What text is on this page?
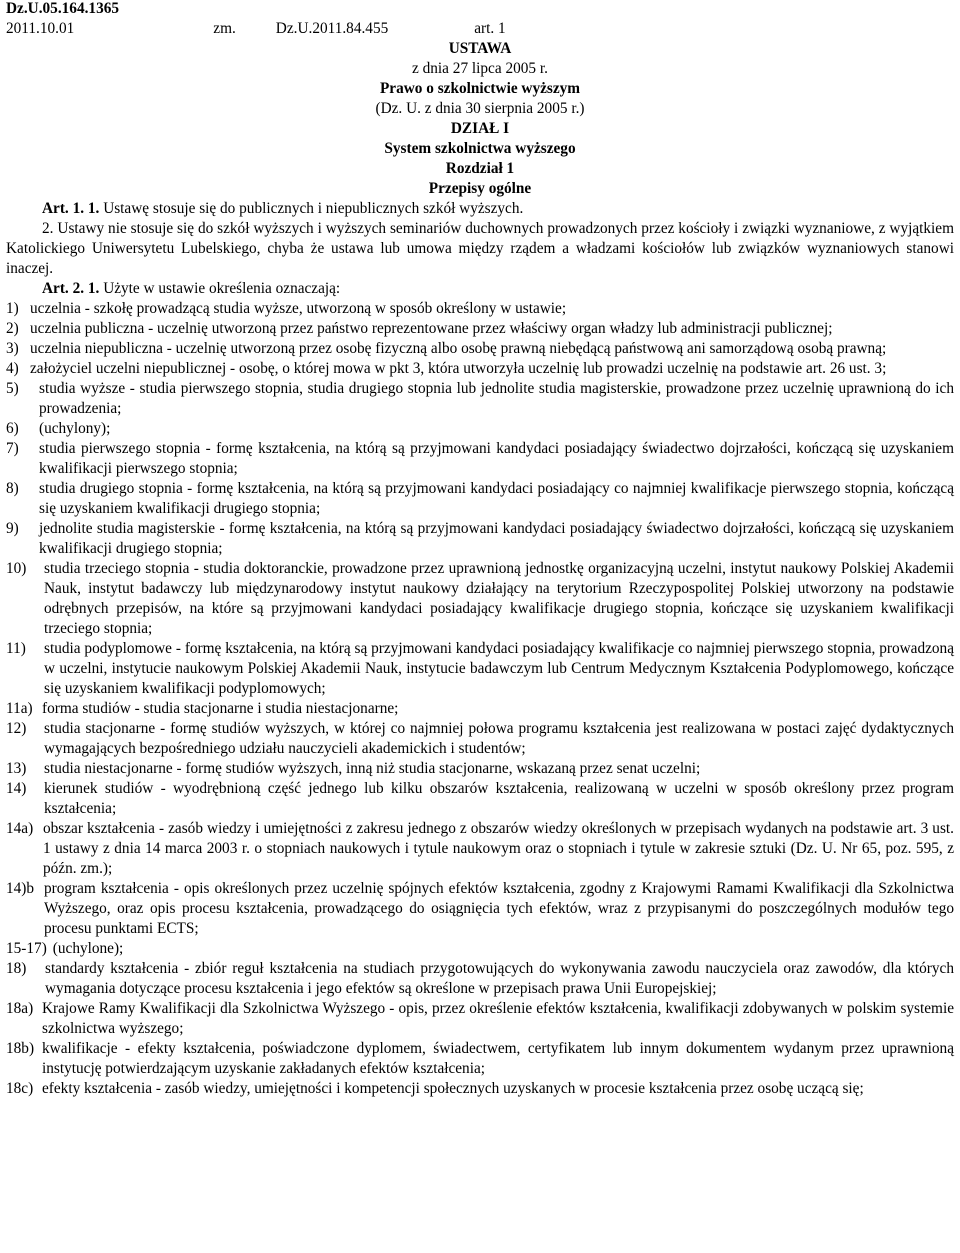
Dz.U.05.164.1365
2011.10.01	zm.	Dz.U.2011.84.455	art. 1
USTAWA
z dnia 27 lipca 2005 r.
Prawo o szkolnictwie wyższym
(Dz. U. z dnia 30 sierpnia 2005 r.)
DZIAŁ I
System szkolnictwa wyższego
Rozdział 1
Przepisy ogólne
Art. 1. 1. Ustawę stosuje się do publicznych i niepublicznych szkół wyższych.
2. Ustawy nie stosuje się do szkół wyższych i wyższych seminariów duchownych prowadzonych przez kościoły i związki wyznaniowe, z wyjątkiem Katolickiego Uniwersytetu Lubelskiego, chyba że ustawa lub umowa między rządem a władzami kościołów lub związków wyznaniowych stanowi inaczej.
Art. 2. 1. Użyte w ustawie określenia oznaczają:
1) uczelnia - szkołę prowadzącą studia wyższe, utworzoną w sposób określony w ustawie;
2) uczelnia publiczna - uczelnię utworzoną przez państwo reprezentowane przez właściwy organ władzy lub administracji publicznej;
3) uczelnia niepubliczna - uczelnię utworzoną przez osobę fizyczną albo osobę prawną niebędącą państwową ani samorządową osobą prawną;
4) założyciel uczelni niepublicznej - osobę, o której mowa w pkt 3, która utworzyła uczelnię lub prowadzi uczelnię na podstawie art. 26 ust. 3;
5)	studia wyższe - studia pierwszego stopnia, studia drugiego stopnia lub jednolite studia magisterskie, prowadzone przez uczelnię uprawnioną do ich prowadzenia;
6)	(uchylony);
7)	studia pierwszego stopnia - formę kształcenia, na którą są przyjmowani kandydaci posiadający świadectwo dojrzałości, kończącą się uzyskaniem kwalifikacji pierwszego stopnia;
8)	studia drugiego stopnia - formę kształcenia, na którą są przyjmowani kandydaci posiadający co najmniej kwalifikacje pierwszego stopnia, kończącą się uzyskaniem kwalifikacji drugiego stopnia;
9)	jednolite studia magisterskie - formę kształcenia, na którą są przyjmowani kandydaci posiadający świadectwo dojrzałości, kończącą się uzyskaniem kwalifikacji drugiego stopnia;
10)	studia trzeciego stopnia - studia doktoranckie, prowadzone przez uprawnioną jednostkę organizacyjną uczelni, instytut naukowy Polskiej Akademii Nauk, instytut badawczy lub międzynarodowy instytut naukowy działający na terytorium Rzeczypospolitej Polskiej utworzony na podstawie odrębnych przepisów, na które są przyjmowani kandydaci posiadający kwalifikacje drugiego stopnia, kończące się uzyskaniem kwalifikacji trzeciego stopnia;
11)	studia podyplomowe - formę kształcenia, na którą są przyjmowani kandydaci posiadający kwalifikacje co najmniej pierwszego stopnia, prowadzoną w uczelni, instytucie naukowym Polskiej Akademii Nauk, instytucie badawczym lub Centrum Medycznym Kształcenia Podyplomowego, kończące się uzyskaniem kwalifikacji podyplomowych;
11a) forma studiów - studia stacjonarne i studia niestacjonarne;
12)	studia stacjonarne - formę studiów wyższych, w której co najmniej połowa programu kształcenia jest realizowana w postaci zajęć dydaktycznych wymagających bezpośredniego udziału nauczycieli akademickich i studentów;
13)	studia niestacjonarne - formę studiów wyższych, inną niż studia stacjonarne, wskazaną przez senat uczelni;
14)	kierunek studiów - wyodrębnioną część jednego lub kilku obszarów kształcenia, realizowaną w uczelni w sposób określony przez program kształcenia;
14a) obszar kształcenia - zasób wiedzy i umiejętności z zakresu jednego z obszarów wiedzy określonych w przepisach wydanych na podstawie art. 3 ust. 1 ustawy z dnia 14 marca 2003 r. o stopniach naukowych i tytule naukowym oraz o stopniach i tytule w zakresie sztuki (Dz. U. Nr 65, poz. 595, z późn. zm.);
14)b program kształcenia - opis określonych przez uczelnię spójnych efektów kształcenia, zgodny z Krajowymi Ramami Kwalifikacji dla Szkolnictwa Wyższego, oraz opis procesu kształcenia, prowadzącego do osiągnięcia tych efektów, wraz z przypisanymi do poszczególnych modułów tego procesu punktami ECTS;
15-17) (uchylone);
18)	standardy kształcenia - zbiór reguł kształcenia na studiach przygotowujących do wykonywania zawodu nauczyciela oraz zawodów, dla których wymagania dotyczące procesu kształcenia i jego efektów są określone w przepisach prawa Unii Europejskiej;
18a) Krajowe Ramy Kwalifikacji dla Szkolnictwa Wyższego - opis, przez określenie efektów kształcenia, kwalifikacji zdobywanych w polskim systemie szkolnictwa wyższego;
18b) kwalifikacje - efekty kształcenia, poświadczone dyplomem, świadectwem, certyfikatem lub innym dokumentem wydanym przez uprawnioną instytucję potwierdzającym uzyskanie zakładanych efektów kształcenia;
18c) efekty kształcenia - zasób wiedzy, umiejętności i kompetencji społecznych uzyskanych w procesie kształcenia przez osobę uczącą się;
